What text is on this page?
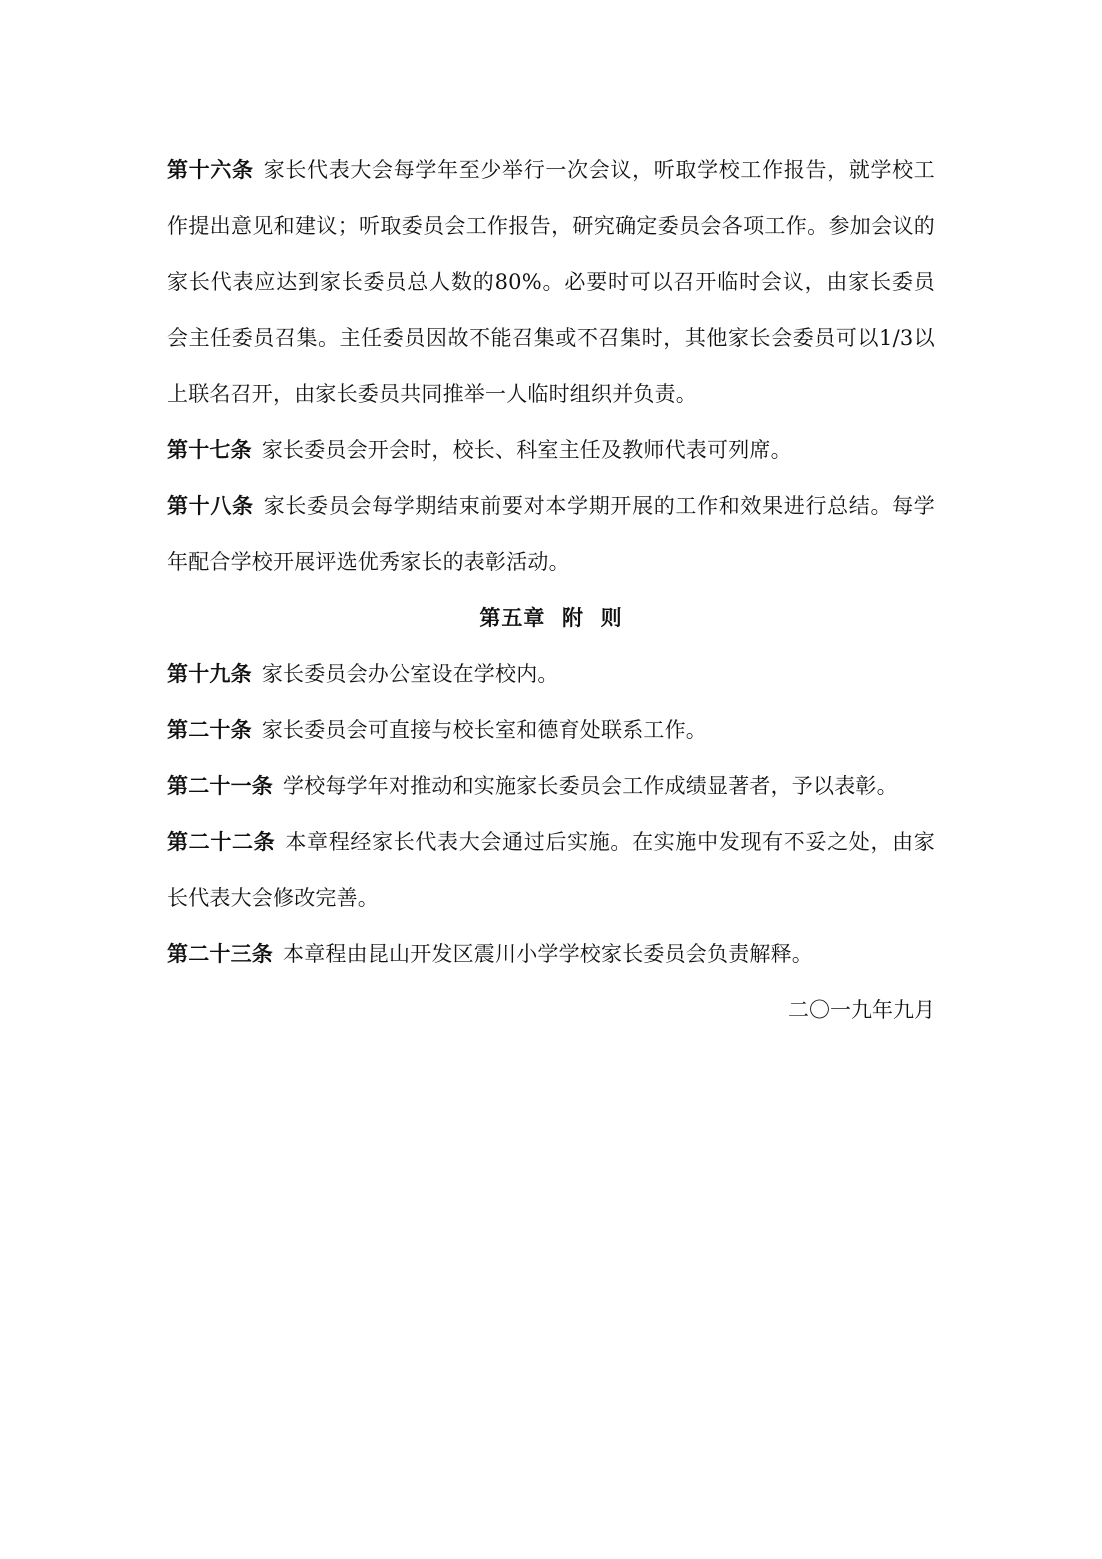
第十六条 家长代表大会每学年至少举行一次会议，听取学校工作报告，就学校工作提出意见和建议；听取委员会工作报告，研究确定委员会各项工作。参加会议的家长代表应达到家长委员总人数的80%。必要时可以召开临时会议，由家长委员会主任委员召集。主任委员因故不能召集或不召集时，其他家长会委员可以1/3以上联名召开，由家长委员共同推举一人临时组织并负责。

第十七条 家长委员会开会时，校长、科室主任及教师代表可列席。

第十八条 家长委员会每学期结束前要对本学期开展的工作和效果进行总结。每学年配合学校开展评选优秀家长的表彰活动。

第五章  附  则

第十九条 家长委员会办公室设在学校内。

第二十条 家长委员会可直接与校长室和德育处联系工作。

第二十一条 学校每学年对推动和实施家长委员会工作成绩显著者，予以表彰。

第二十二条 本章程经家长代表大会通过后实施。在实施中发现有不妥之处，由家长代表大会修改完善。

第二十三条 本章程由昆山开发区震川小学学校家长委员会负责解释。

二〇一九年九月
